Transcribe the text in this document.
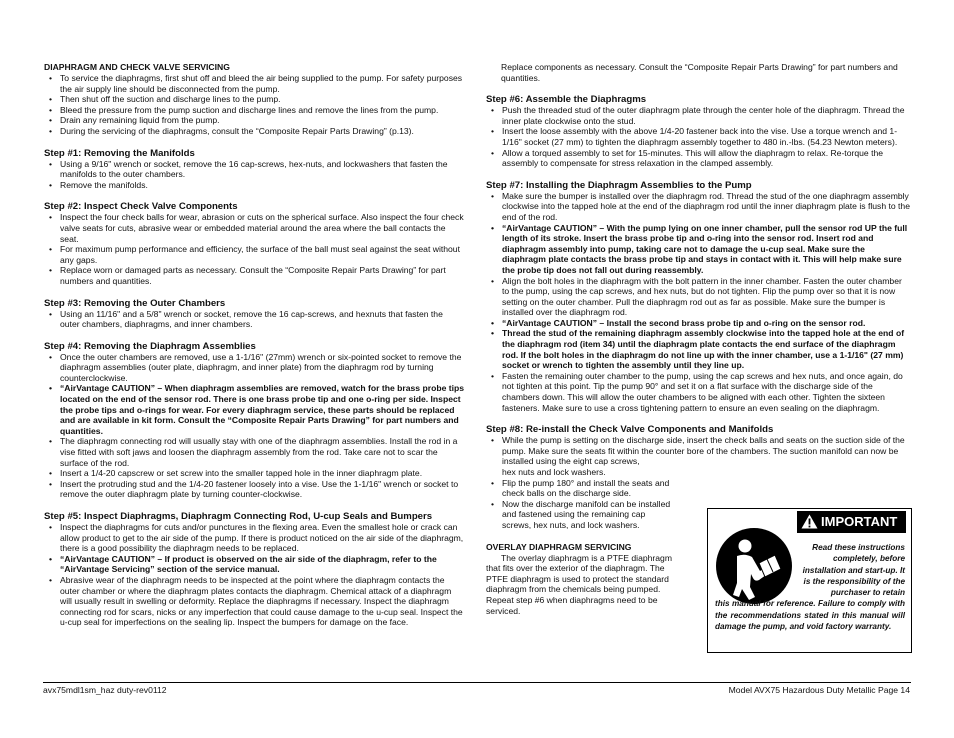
DIAPHRAGM AND CHECK VALVE SERVICING
• To service the diaphragms, first shut off and bleed the air being supplied to the pump. For safety purposes the air supply line should be disconnected from the pump.
• Then shut off the suction and discharge lines to the pump.
• Bleed the pressure from the pump suction and discharge lines and remove the lines from the pump.
• Drain any remaining liquid from the pump.
• During the servicing of the diaphragms, consult the “Composite Repair Parts Drawing” (p.13).
Step #1: Removing the Manifolds
• Using a 9/16" wrench or socket, remove the 16 cap-screws, hex-nuts, and lockwashers that fasten the manifolds to the outer chambers.
• Remove the manifolds.
Step #2: Inspect Check Valve Components
• Inspect the four check balls for wear, abrasion or cuts on the spherical surface. Also inspect the four check valve seats for cuts, abrasive wear or embedded material around the area where the ball contacts the seat.
• For maximum pump performance and efficiency, the surface of the ball must seal against the seat without any gaps.
• Replace worn or damaged parts as necessary. Consult the “Composite Repair Parts Drawing” for part numbers and quantities.
Step #3: Removing the Outer Chambers
• Using an 11/16" and a 5/8" wrench or socket, remove the 16 cap-screws, and hexnuts that fasten the outer chambers, diaphragms, and inner chambers.
Step #4: Removing the Diaphragm Assemblies
• Once the outer chambers are removed, use a 1-1/16" (27mm) wrench or six-pointed socket to remove the diaphragm assemblies (outer plate, diaphragm, and inner plate) from the diaphragm rod by turning counterclockwise.
• “AirVantage CAUTION” – When diaphragm assemblies are removed, watch for the brass probe tips located on the end of the sensor rod. There is one brass probe tip and one o-ring per side. Inspect the probe tips and o-rings for wear. For every diaphragm service, these parts should be replaced and are available in kit form. Consult the “Composite Repair Parts Drawing” for part numbers and quantities.
• The diaphragm connecting rod will usually stay with one of the diaphragm assemblies. Install the rod in a vise fitted with soft jaws and loosen the diaphragm assembly from the rod. Take care not to scar the surface of the rod.
• Insert a 1/4-20 capscrew or set screw into the smaller tapped hole in the inner diaphragm plate.
• Insert the protruding stud and the 1/4-20 fastener loosely into a vise. Use the 1-1/16" wrench or socket to remove the outer diaphragm plate by turning counter-clockwise.
Step #5: Inspect Diaphragms, Diaphragm Connecting Rod, U-cup Seals and Bumpers
• Inspect the diaphragms for cuts and/or punctures in the flexing area. Even the smallest hole or crack can allow product to get to the air side of the pump. If there is product noticed on the air side of the diaphragm, there is a good possibility the diaphragm needs to be replaced.
• “AirVantage CAUTION” – If product is observed on the air side of the diaphragm, refer to the “AirVantage Servicing” section of the service manual.
• Abrasive wear of the diaphragm needs to be inspected at the point where the diaphragm contacts the outer chamber or where the diaphragm plates contacts the diaphragm. Chemical attack of a diaphragm will usually result in swelling or deformity. Replace the diaphragms if necessary. Inspect the diaphragm connecting rod for scars, nicks or any imperfection that could cause damage to the u-cup seal. Inspect the u-cup seal for imperfections on the sealing lip. Inspect the bumpers for damage on the face.

Replace components as necessary. Consult the “Composite Repair Parts Drawing” for part numbers and quantities.

Step #6: Assemble the Diaphragms
• Push the threaded stud of the outer diaphragm plate through the center hole of the diaphragm. Thread the inner plate clockwise onto the stud.
• Insert the loose assembly with the above 1/4-20 fastener back into the vise. Use a torque wrench and 1-1/16" socket (27 mm) to tighten the diaphragm assembly together to 480 in.-lbs. (54.23 Newton meters).
• Allow a torqued assembly to set for 15-minutes. This will allow the diaphragm to relax. Re-torque the assembly to compensate for stress relaxation in the clamped assembly.
Step #7: Installing the Diaphragm Assemblies to the Pump
• Make sure the bumper is installed over the diaphragm rod. Thread the stud of the one diaphragm assembly clockwise into the tapped hole at the end of the diaphragm rod until the inner diaphragm plate is flush to the end of the rod.
• “AirVantage CAUTION” – With the pump lying on one inner chamber, pull the sensor rod UP the full length of its stroke. Insert the brass probe tip and o-ring into the sensor rod. Insert rod and diaphragm assembly into pump, taking care not to damage the u-cup seal. Make sure the diaphragm plate contacts the brass probe tip and stays in contact with it. This will help make sure the probe tip does not fall out during reassembly.
• Align the bolt holes in the diaphragm with the bolt pattern in the inner chamber. Fasten the outer chamber to the pump, using the cap screws, and hex nuts, but do not tighten. Flip the pump over so that it is now setting on the outer chamber. Pull the diaphragm rod out as far as possible. Make sure the bumper is installed over the diaphragm rod.
• “AirVantage CAUTION” – Install the second brass probe tip and o-ring on the sensor rod.
• Thread the stud of the remaining diaphragm assembly clockwise into the tapped hole at the end of the diaphragm rod (item 34) until the diaphragm plate contacts the end surface of the diaphragm rod. If the bolt holes in the diaphragm do not line up with the inner chamber, use a 1-1/16" (27 mm) socket or wrench to tighten the assembly until they line up.
• Fasten the remaining outer chamber to the pump, using the cap screws and hex nuts, and once again, do not tighten at this point. Tip the pump 90° and set it on a flat surface with the discharge side of the chambers down. This will allow the outer chambers to be aligned with each other. Tighten the sixteen fasteners. Make sure to use a cross tightening pattern to ensure an even sealing on the diaphragm.
Step #8: Re-install the Check Valve Components and Manifolds
• While the pump is setting on the discharge side, insert the check balls and seats on the suction side of the pump. Make sure the seats fit within the counter bore of the chambers. The suction manifold can now be installed using the eight cap screws,
hex nuts and lock washers.
• Flip the pump 180° and install the seats and check balls on the discharge side.
• Now the discharge manifold can be installed and fastened using the remaining cap screws, hex nuts, and lock washers.
OVERLAY DIAPHRAGM SERVICING

The overlay diaphragm is a PTFE diaphragm that fits over the exterior of the diaphragm. The PTFE diaphragm is used to protect the standard diaphragm from the chemicals being pumped. Repeat step #6 when diaphragms need to be serviced.

IMPORTANT
Read these instructions completely, before installation and start-up. It is the responsibility of the purchaser to retain
this manual for reference. Failure to comply with the recommendations stated in this manual will damage the pump, and void factory warranty.
avx75mdl1sm_haz duty-rev0112	Model AVX75 Hazardous Duty Metallic Page 14
